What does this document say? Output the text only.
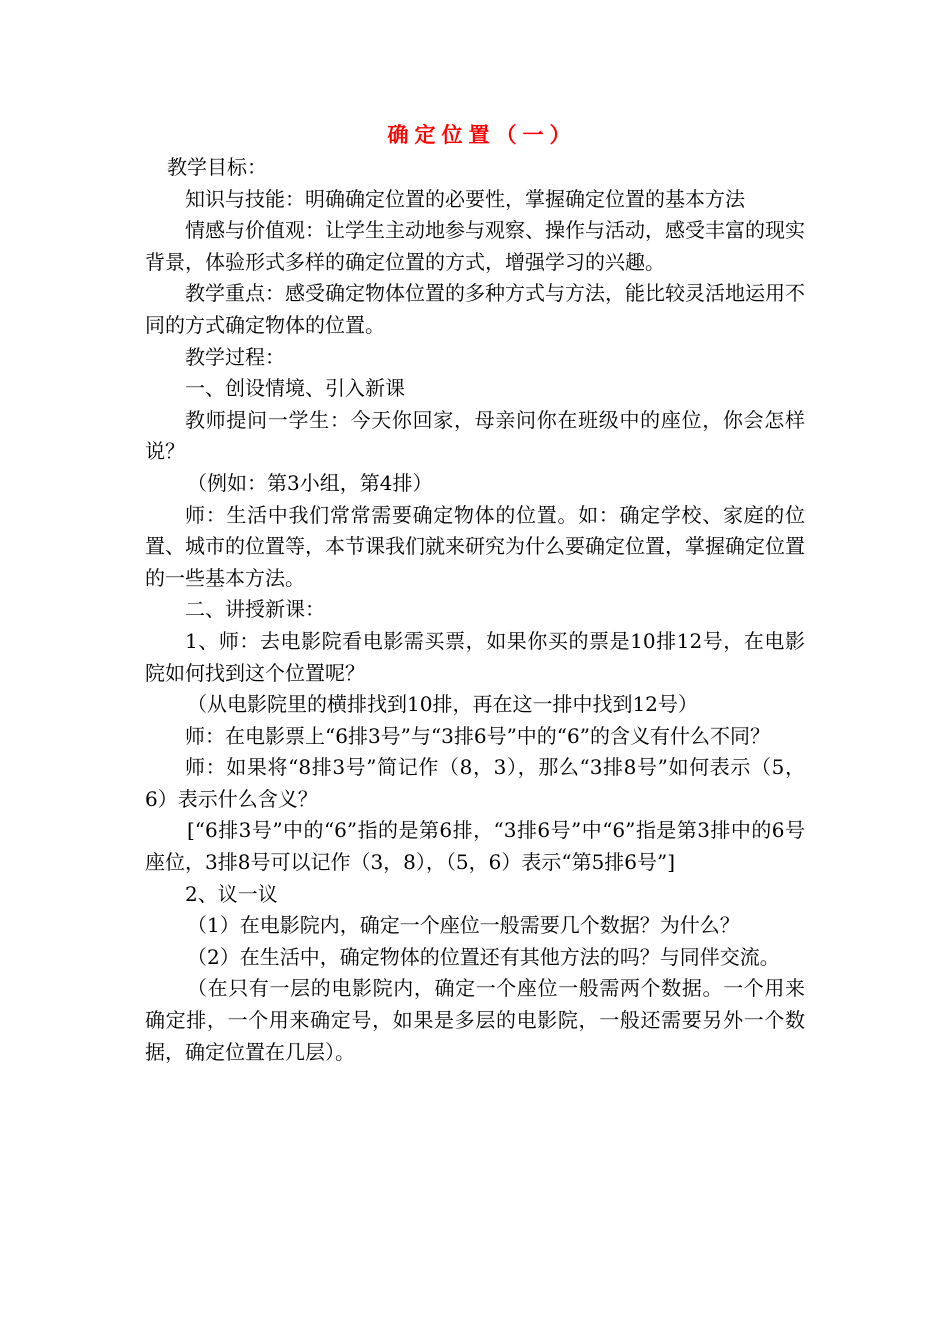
确定位置（一）

教学目标：

知识与技能：明确确定位置的必要性，掌握确定位置的基本方法

情感与价值观：让学生主动地参与观察、操作与活动，感受丰富的现实背景，体验形式多样的确定位置的方式，增强学习的兴趣。

教学重点：感受确定物体位置的多种方式与方法，能比较灵活地运用不同的方式确定物体的位置。

教学过程：

一、创设情境、引入新课

教师提问一学生：今天你回家，母亲问你在班级中的座位，你会怎样说？

（例如：第3小组，第4排）

师：生活中我们常常需要确定物体的位置。如：确定学校、家庭的位置、城市的位置等，本节课我们就来研究为什么要确定位置，掌握确定位置的一些基本方法。

二、讲授新课：

1、师：去电影院看电影需买票，如果你买的票是10排12号，在电影院如何找到这个位置呢？

（从电影院里的横排找到10排，再在这一排中找到12号）

师：在电影票上“6排3号”与“3排6号”中的“6”的含义有什么不同？

师：如果将“8排3号”简记作（8，3），那么“3排8号”如何表示（5，6）表示什么含义？

[“6排3号”中的“6”指的是第6排，“3排6号”中“6”指是第3排中的6号座位，3排8号可以记作（3，8），（5，6）表示“第5排6号”]

2、议一议

（1）在电影院内，确定一个座位一般需要几个数据？为什么？

（2）在生活中，确定物体的位置还有其他方法的吗？与同伴交流。

（在只有一层的电影院内，确定一个座位一般需两个数据。一个用来确定排，一个用来确定号，如果是多层的电影院，一般还需要另外一个数据，确定位置在几层）。
